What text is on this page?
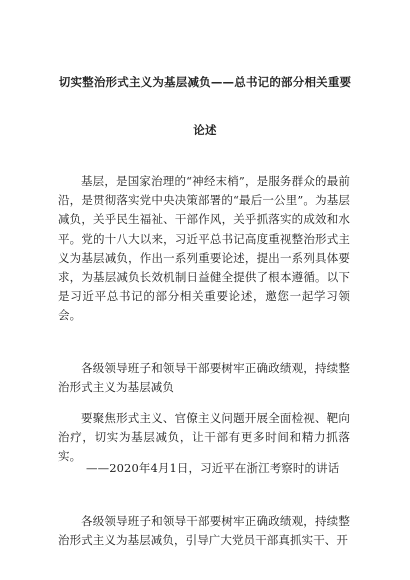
切实整治形式主义为基层减负——总书记的部分相关重要
论述
基层，是国家治理的“神经末梢”，是服务群众的最前沿，是贯彻落实党中央决策部署的“最后一公里”。为基层减负，关乎民生福祉、干部作风，关乎抓落实的成效和水平。党的十八大以来，习近平总书记高度重视整治形式主义为基层减负，作出一系列重要论述，提出一系列具体要求，为基层减负长效机制日益健全提供了根本遵循。以下是习近平总书记的部分相关重要论述，邀您一起学习领会。
各级领导班子和领导干部要树牢正确政绩观，持续整治形式主义为基层减负
要聚焦形式主义、官僚主义问题开展全面检视、靶向治疗，切实为基层减负，让干部有更多时间和精力抓落实。
——2020年4月1日，习近平在浙江考察时的讲话
各级领导班子和领导干部要树牢正确政绩观，持续整治形式主义为基层减负，引导广大党员干部真抓实干、开
